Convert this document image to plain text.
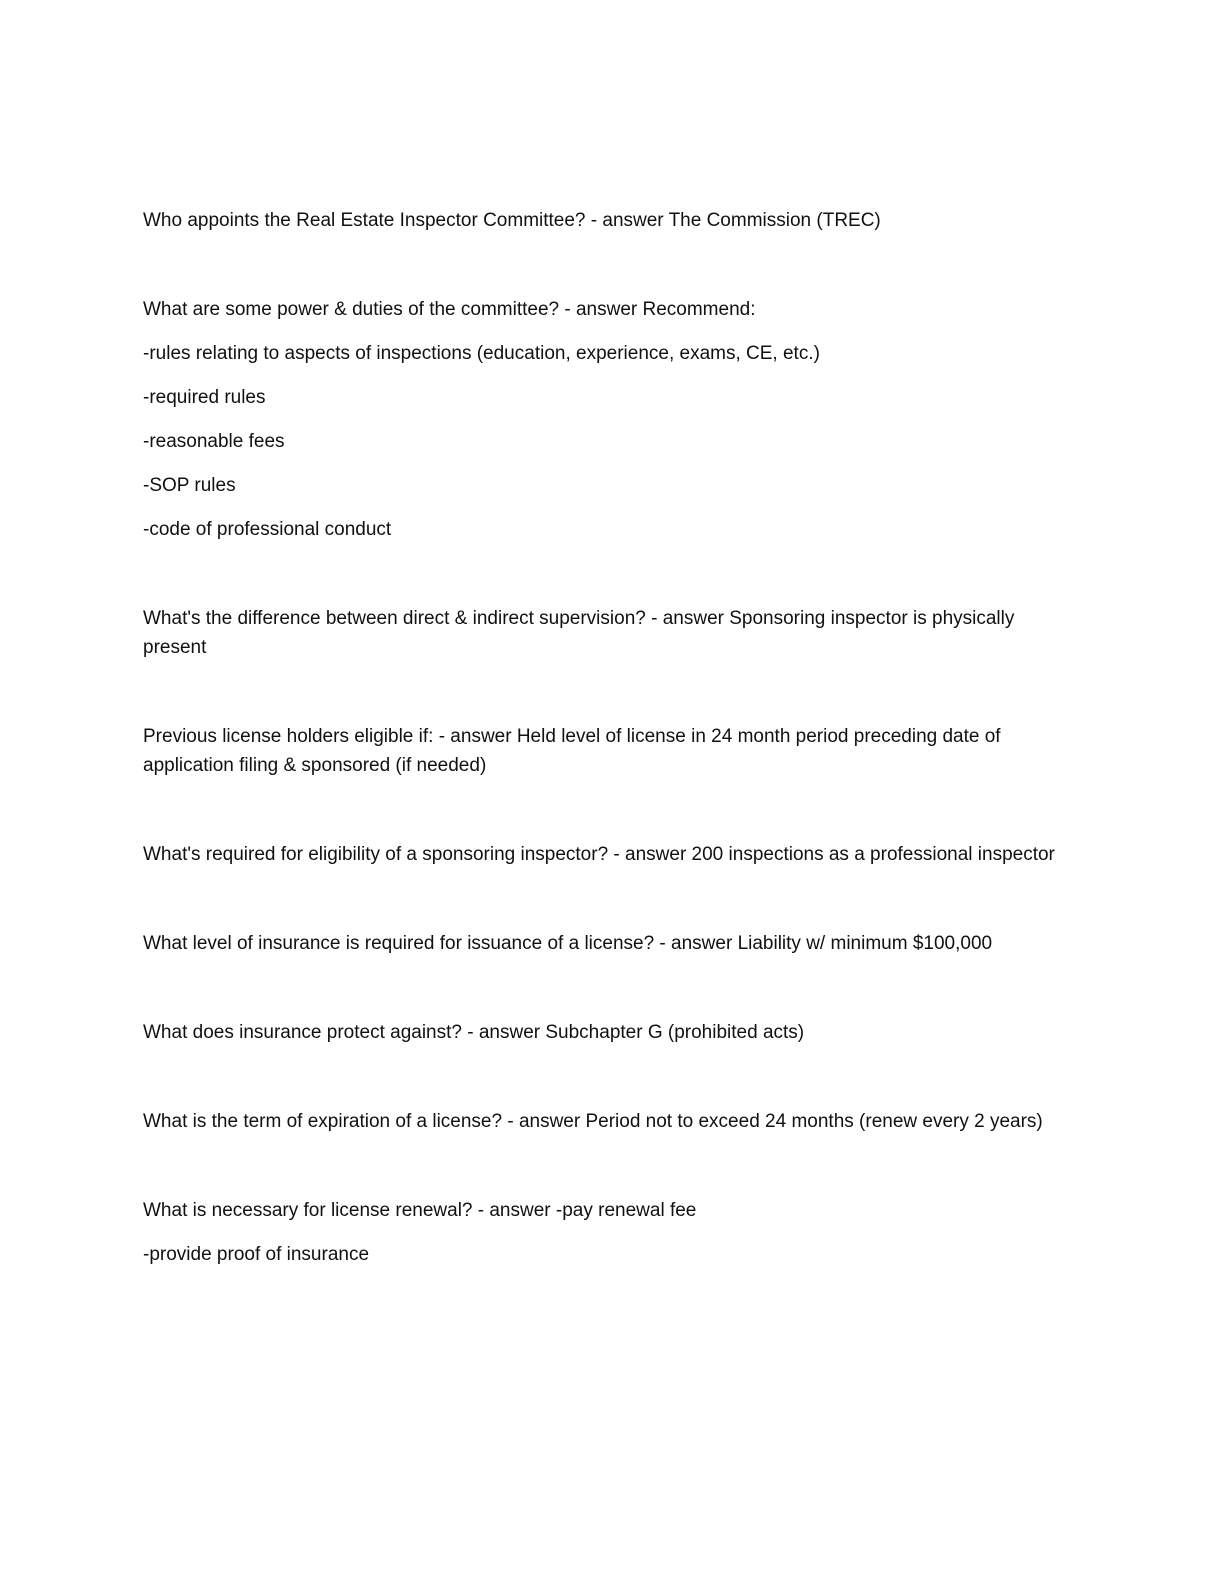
Who appoints the Real Estate Inspector Committee? - answer The Commission (TREC)

What are some power & duties of the committee? - answer Recommend:

-rules relating to aspects of inspections (education, experience, exams, CE, etc.)

-required rules

-reasonable fees

-SOP rules

-code of professional conduct

What's the difference between direct & indirect supervision? - answer Sponsoring inspector is physically present

Previous license holders eligible if: - answer Held level of license in 24 month period preceding date of application filing & sponsored (if needed)

What's required for eligibility of a sponsoring inspector? - answer 200 inspections as a professional inspector

What level of insurance is required for issuance of a license? - answer Liability w/ minimum $100,000

What does insurance protect against? - answer Subchapter G (prohibited acts)

What is the term of expiration of a license? - answer Period not to exceed 24 months (renew every 2 years)

What is necessary for license renewal? - answer -pay renewal fee

-provide proof of insurance
